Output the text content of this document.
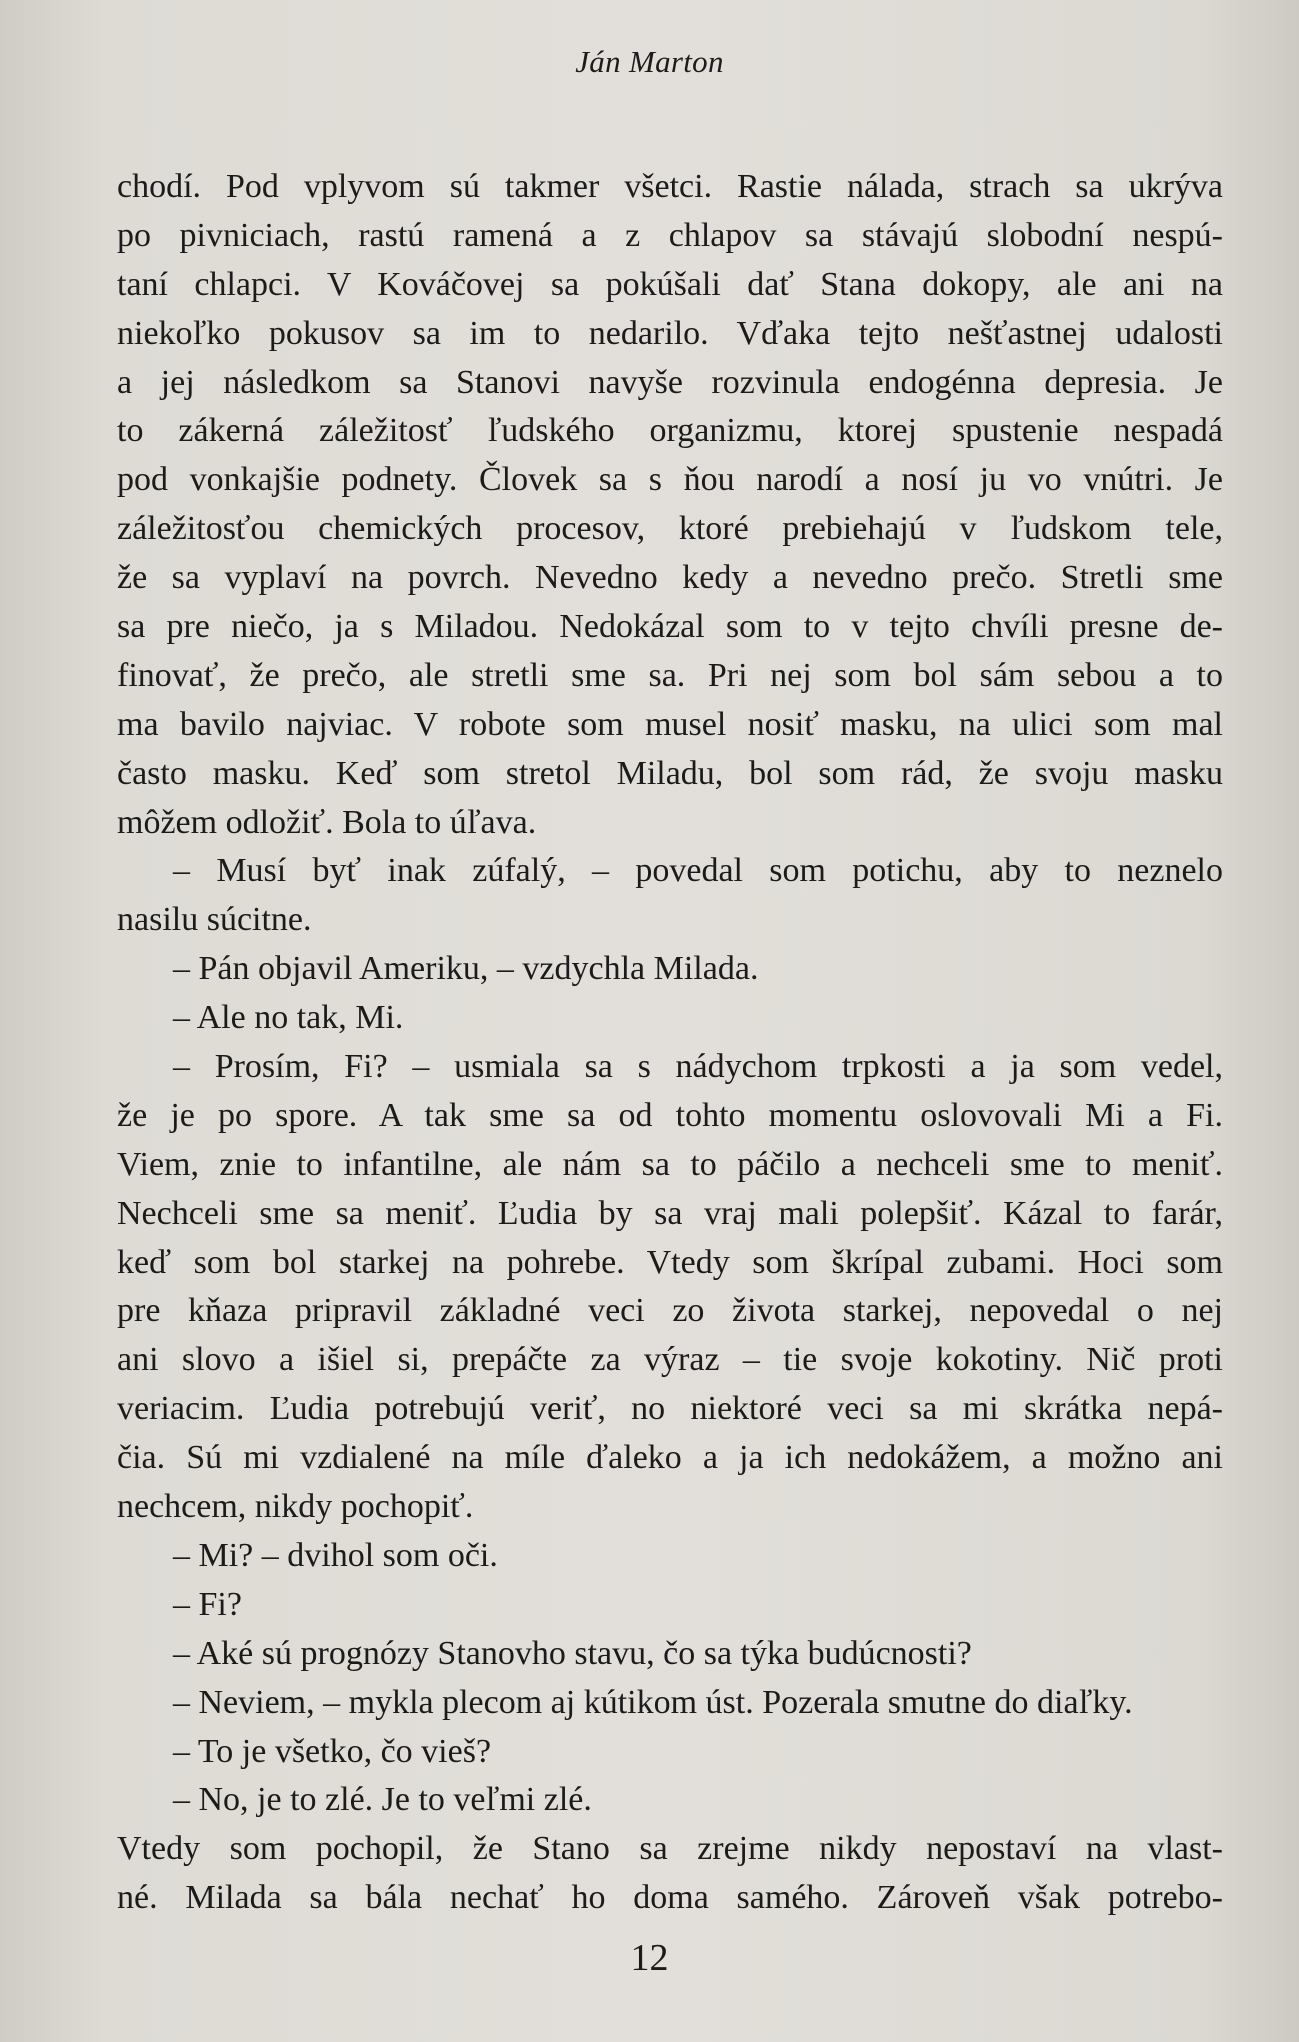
Ján Marton
chodí. Pod vplyvom sú takmer všetci. Rastie nálada, strach sa ukrýva
po pivniciach, rastú ramená a z chlapov sa stávajú slobodní nespú-
taní chlapci. V Kováčovej sa pokúšali dať Stana dokopy, ale ani na
niekoľko pokusov sa im to nedarilo. Vďaka tejto nešťastnej udalosti
a jej následkom sa Stanovi navyše rozvinula endogénna depresia. Je
to zákerná záležitosť ľudského organizmu, ktorej spustenie nespadá
pod vonkajšie podnety. Človek sa s ňou narodí a nosí ju vo vnútri. Je
záležitosťou chemických procesov, ktoré prebiehajú v ľudskom tele,
že sa vyplaví na povrch. Nevedno kedy a nevedno prečo. Stretli sme
sa pre niečo, ja s Miladou. Nedokázal som to v tejto chvíli presne de-
finovať, že prečo, ale stretli sme sa. Pri nej som bol sám sebou a to
ma bavilo najviac. V robote som musel nosiť masku, na ulici som mal
často masku. Keď som stretol Miladu, bol som rád, že svoju masku
môžem odložiť. Bola to úľava.
– Musí byť inak zúfalý, – povedal som potichu, aby to neznelo
nasilu súcitne.
– Pán objavil Ameriku, – vzdychla Milada.
– Ale no tak, Mi.
– Prosím, Fi? – usmiala sa s nádychom trpkosti a ja som vedel,
že je po spore. A tak sme sa od tohto momentu oslovovali Mi a Fi.
Viem, znie to infantilne, ale nám sa to páčilo a nechceli sme to meniť.
Nechceli sme sa meniť. Ľudia by sa vraj mali polepšiť. Kázal to farár,
keď som bol starkej na pohrebe. Vtedy som škrípal zubami. Hoci som
pre kňaza pripravil základné veci zo života starkej, nepovedal o nej
ani slovo a išiel si, prepáčte za výraz – tie svoje kokotiny. Nič proti
veriacim. Ľudia potrebujú veriť, no niektoré veci sa mi skrátka nepá-
čia. Sú mi vzdialené na míle ďaleko a ja ich nedokážem, a možno ani
nechcem, nikdy pochopiť.
– Mi? – dvihol som oči.
– Fi?
– Aké sú prognózy Stanovho stavu, čo sa týka budúcnosti?
– Neviem, – mykla plecom aj kútikom úst. Pozerala smutne do diaľky.
– To je všetko, čo vieš?
– No, je to zlé. Je to veľmi zlé.
Vtedy som pochopil, že Stano sa zrejme nikdy nepostaví na vlast-
né. Milada sa bála nechať ho doma samého. Zároveň však potrebo-
12
